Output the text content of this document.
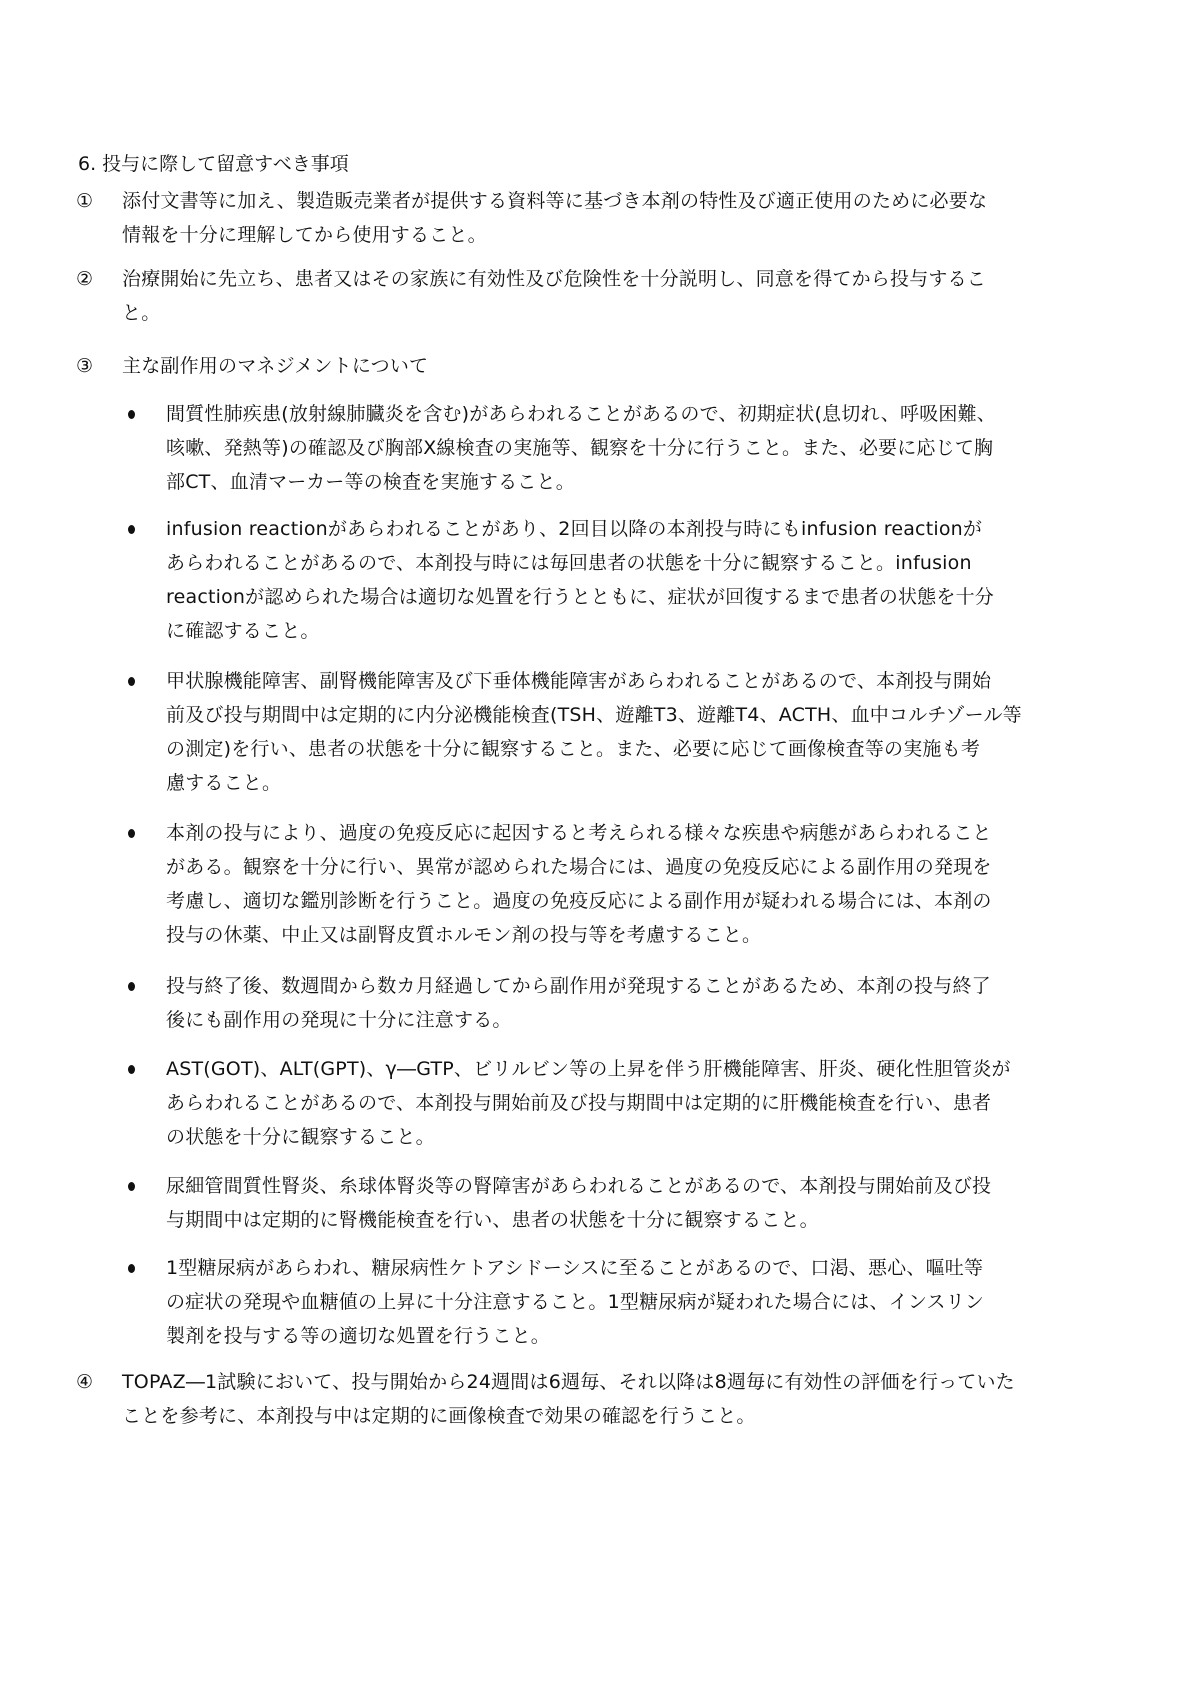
6. 投与に際して留意すべき事項
① 添付文書等に加え、製造販売業者が提供する資料等に基づき本剤の特性及び適正使用のために必要な
情報を十分に理解してから使用すること。
② 治療開始に先立ち、患者又はその家族に有効性及び危険性を十分説明し、同意を得てから投与するこ
と。
③ 主な副作用のマネジメントについて
間質性肺疾患(放射線肺臓炎を含む)があらわれることがあるので、初期症状(息切れ、呼吸困難、
咳嗽、発熱等)の確認及び胸部X線検査の実施等、観察を十分に行うこと。また、必要に応じて胸
部CT、血清マーカー等の検査を実施すること。
infusion reactionがあらわれることがあり、2回目以降の本剤投与時にもinfusion reactionが
あらわれることがあるので、本剤投与時には毎回患者の状態を十分に観察すること。infusion
reactionが認められた場合は適切な処置を行うとともに、症状が回復するまで患者の状態を十分
に確認すること。
甲状腺機能障害、副腎機能障害及び下垂体機能障害があらわれることがあるので、本剤投与開始
前及び投与期間中は定期的に内分泌機能検査(TSH、遊離T3、遊離T4、ACTH、血中コルチゾール等
の測定)を行い、患者の状態を十分に観察すること。また、必要に応じて画像検査等の実施も考
慮すること。
本剤の投与により、過度の免疫反応に起因すると考えられる様々な疾患や病態があらわれること
がある。観察を十分に行い、異常が認められた場合には、過度の免疫反応による副作用の発現を
考慮し、適切な鑑別診断を行うこと。過度の免疫反応による副作用が疑われる場合には、本剤の
投与の休薬、中止又は副腎皮質ホルモン剤の投与等を考慮すること。
投与終了後、数週間から数カ月経過してから副作用が発現することがあるため、本剤の投与終了
後にも副作用の発現に十分に注意する。
AST(GOT)、ALT(GPT)、γ―GTP、ビリルビン等の上昇を伴う肝機能障害、肝炎、硬化性胆管炎が
あらわれることがあるので、本剤投与開始前及び投与期間中は定期的に肝機能検査を行い、患者
の状態を十分に観察すること。
尿細管間質性腎炎、糸球体腎炎等の腎障害があらわれることがあるので、本剤投与開始前及び投
与期間中は定期的に腎機能検査を行い、患者の状態を十分に観察すること。
1型糖尿病があらわれ、糖尿病性ケトアシドーシスに至ることがあるので、口渇、悪心、嘔吐等
の症状の発現や血糖値の上昇に十分注意すること。1型糖尿病が疑われた場合には、インスリン
製剤を投与する等の適切な処置を行うこと。
④ TOPAZ―1試験において、投与開始から24週間は6週毎、それ以降は8週毎に有効性の評価を行っていた
ことを参考に、本剤投与中は定期的に画像検査で効果の確認を行うこと。
